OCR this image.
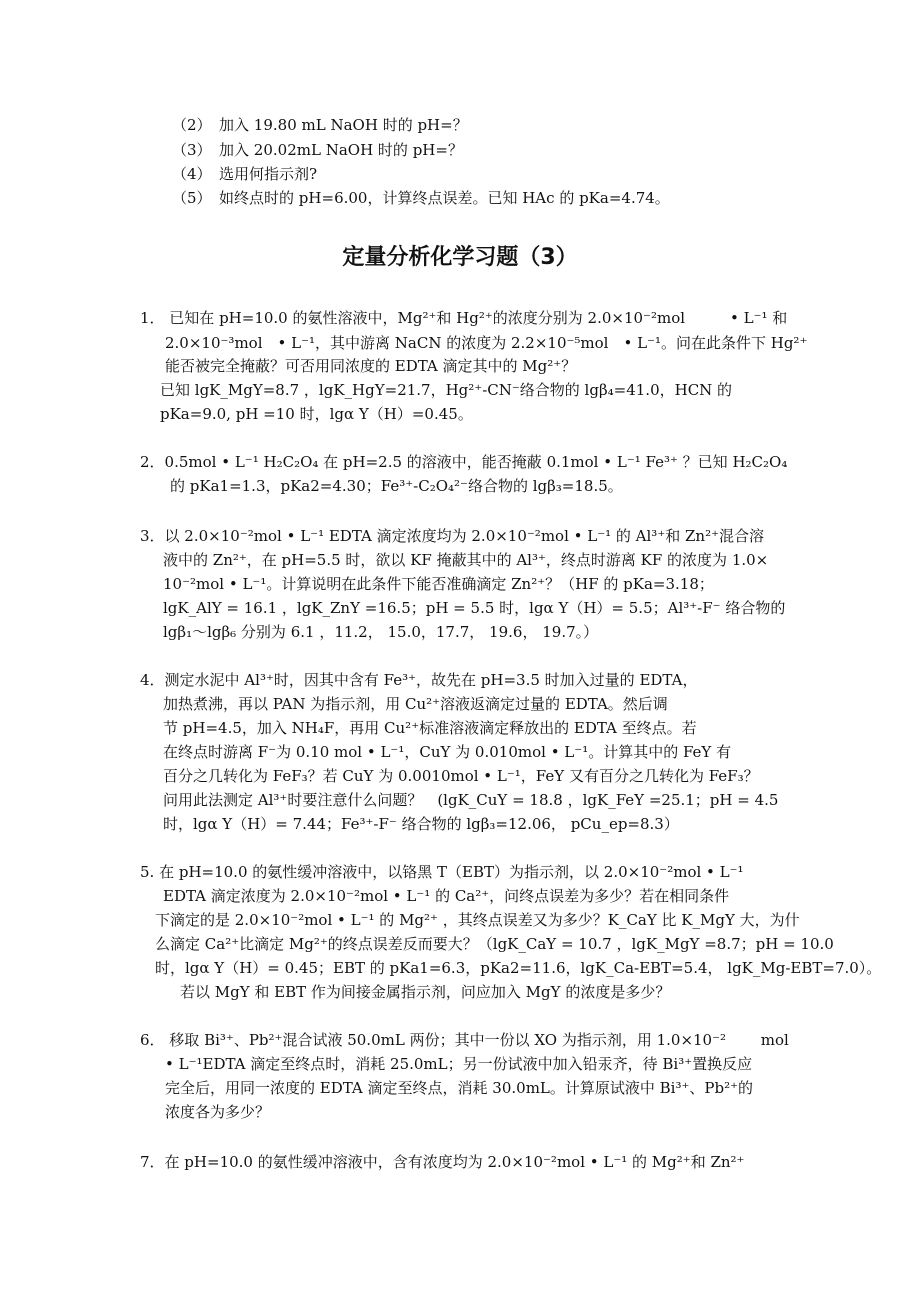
（2）　加入 19.80 mL NaOH 时的 pH=？
（3）　加入 20.02mL NaOH 时的 pH=？
（4）　选用何指示剂?
（5）　如终点时的 pH=6.00，计算终点误差。已知 HAc 的 pKa=4.74。
定量分析化学习题（3）
1． 已知在 pH=10.0 的氨性溶液中，Mg²⁺和 Hg²⁺的浓度分别为 2.0×10⁻²mol　　　• L⁻¹ 和
2.0×10⁻³mol　• L⁻¹，其中游离 NaCN 的浓度为 2.2×10⁻⁵mol　• L⁻¹。问在此条件下 Hg²⁺
能否被完全掩蔽？可否用同浓度的 EDTA 滴定其中的 Mg²⁺？
已知 lgK_MgY=8.7 ，lgK_HgY=21.7，Hg²⁺-CN⁻络合物的 lgβ₄=41.0，HCN 的
pKa=9.0, pH =10 时，lgα Y（H）=0.45。
2．0.5mol • L⁻¹ H₂C₂O₄ 在 pH=2.5 的溶液中，能否掩蔽 0.1mol • L⁻¹ Fe³⁺ ？已知 H₂C₂O₄
的 pKa1=1.3，pKa2=4.30；Fe³⁺-C₂O₄²⁻络合物的 lgβ₃=18.5。
3．以 2.0×10⁻²mol • L⁻¹ EDTA 滴定浓度均为 2.0×10⁻²mol • L⁻¹ 的 Al³⁺和 Zn²⁺混合溶
液中的 Zn²⁺，在 pH=5.5 时，欲以 KF 掩蔽其中的 Al³⁺，终点时游离 KF 的浓度为 1.0×
10⁻²mol • L⁻¹。计算说明在此条件下能否准确滴定 Zn²⁺？（HF 的 pKa=3.18；
lgK_AlY = 16.1 ，lgK_ZnY =16.5；pH = 5.5 时，lgα Y（H）= 5.5；Al³⁺-F⁻ 络合物的
lgβ₁～lgβ₆ 分别为 6.1 ，11.2， 15.0，17.7， 19.6， 19.7。）
4．测定水泥中 Al³⁺时，因其中含有 Fe³⁺，故先在 pH=3.5 时加入过量的 EDTA，
加热煮沸，再以 PAN 为指示剂，用 Cu²⁺溶液返滴定过量的 EDTA。然后调
节 pH=4.5，加入 NH₄F，再用 Cu²⁺标准溶液滴定释放出的 EDTA 至终点。若
在终点时游离 F⁻为 0.10 mol • L⁻¹，CuY 为 0.010mol • L⁻¹。计算其中的 FeY 有
百分之几转化为 FeF₃？若 CuY 为 0.0010mol • L⁻¹，FeY 又有百分之几转化为 FeF₃？
问用此法测定 Al³⁺时要注意什么问题？　(lgK_CuY = 18.8 ，lgK_FeY =25.1；pH = 4.5
时，lgα Y（H）= 7.44；Fe³⁺-F⁻ 络合物的 lgβ₃=12.06， pCu_ep=8.3）
5. 在 pH=10.0 的氨性缓冲溶液中，以铬黑 T（EBT）为指示剂，以 2.0×10⁻²mol • L⁻¹
EDTA 滴定浓度为 2.0×10⁻²mol • L⁻¹ 的 Ca²⁺，问终点误差为多少？若在相同条件
下滴定的是 2.0×10⁻²mol • L⁻¹ 的 Mg²⁺ ，其终点误差又为多少？K_CaY 比 K_MgY 大，为什
么滴定 Ca²⁺比滴定 Mg²⁺的终点误差反而要大？（lgK_CaY = 10.7 ，lgK_MgY =8.7；pH = 10.0
时，lgα Y（H）= 0.45；EBT 的 pKa1=6.3，pKa2=11.6，lgK_Ca-EBT=5.4， lgK_Mg-EBT=7.0）。
若以 MgY 和 EBT 作为间接金属指示剂，问应加入 MgY 的浓度是多少？
6． 移取 Bi³⁺、Pb²⁺混合试液 50.0mL 两份；其中一份以 XO 为指示剂，用 1.0×10⁻²　　 mol
• L⁻¹EDTA 滴定至终点时，消耗 25.0mL；另一份试液中加入铅汞齐，待 Bi³⁺置换反应
完全后，用同一浓度的 EDTA 滴定至终点，消耗 30.0mL。计算原试液中 Bi³⁺、Pb²⁺的
浓度各为多少？
7．在 pH=10.0 的氨性缓冲溶液中，含有浓度均为 2.0×10⁻²mol • L⁻¹ 的 Mg²⁺和 Zn²⁺
